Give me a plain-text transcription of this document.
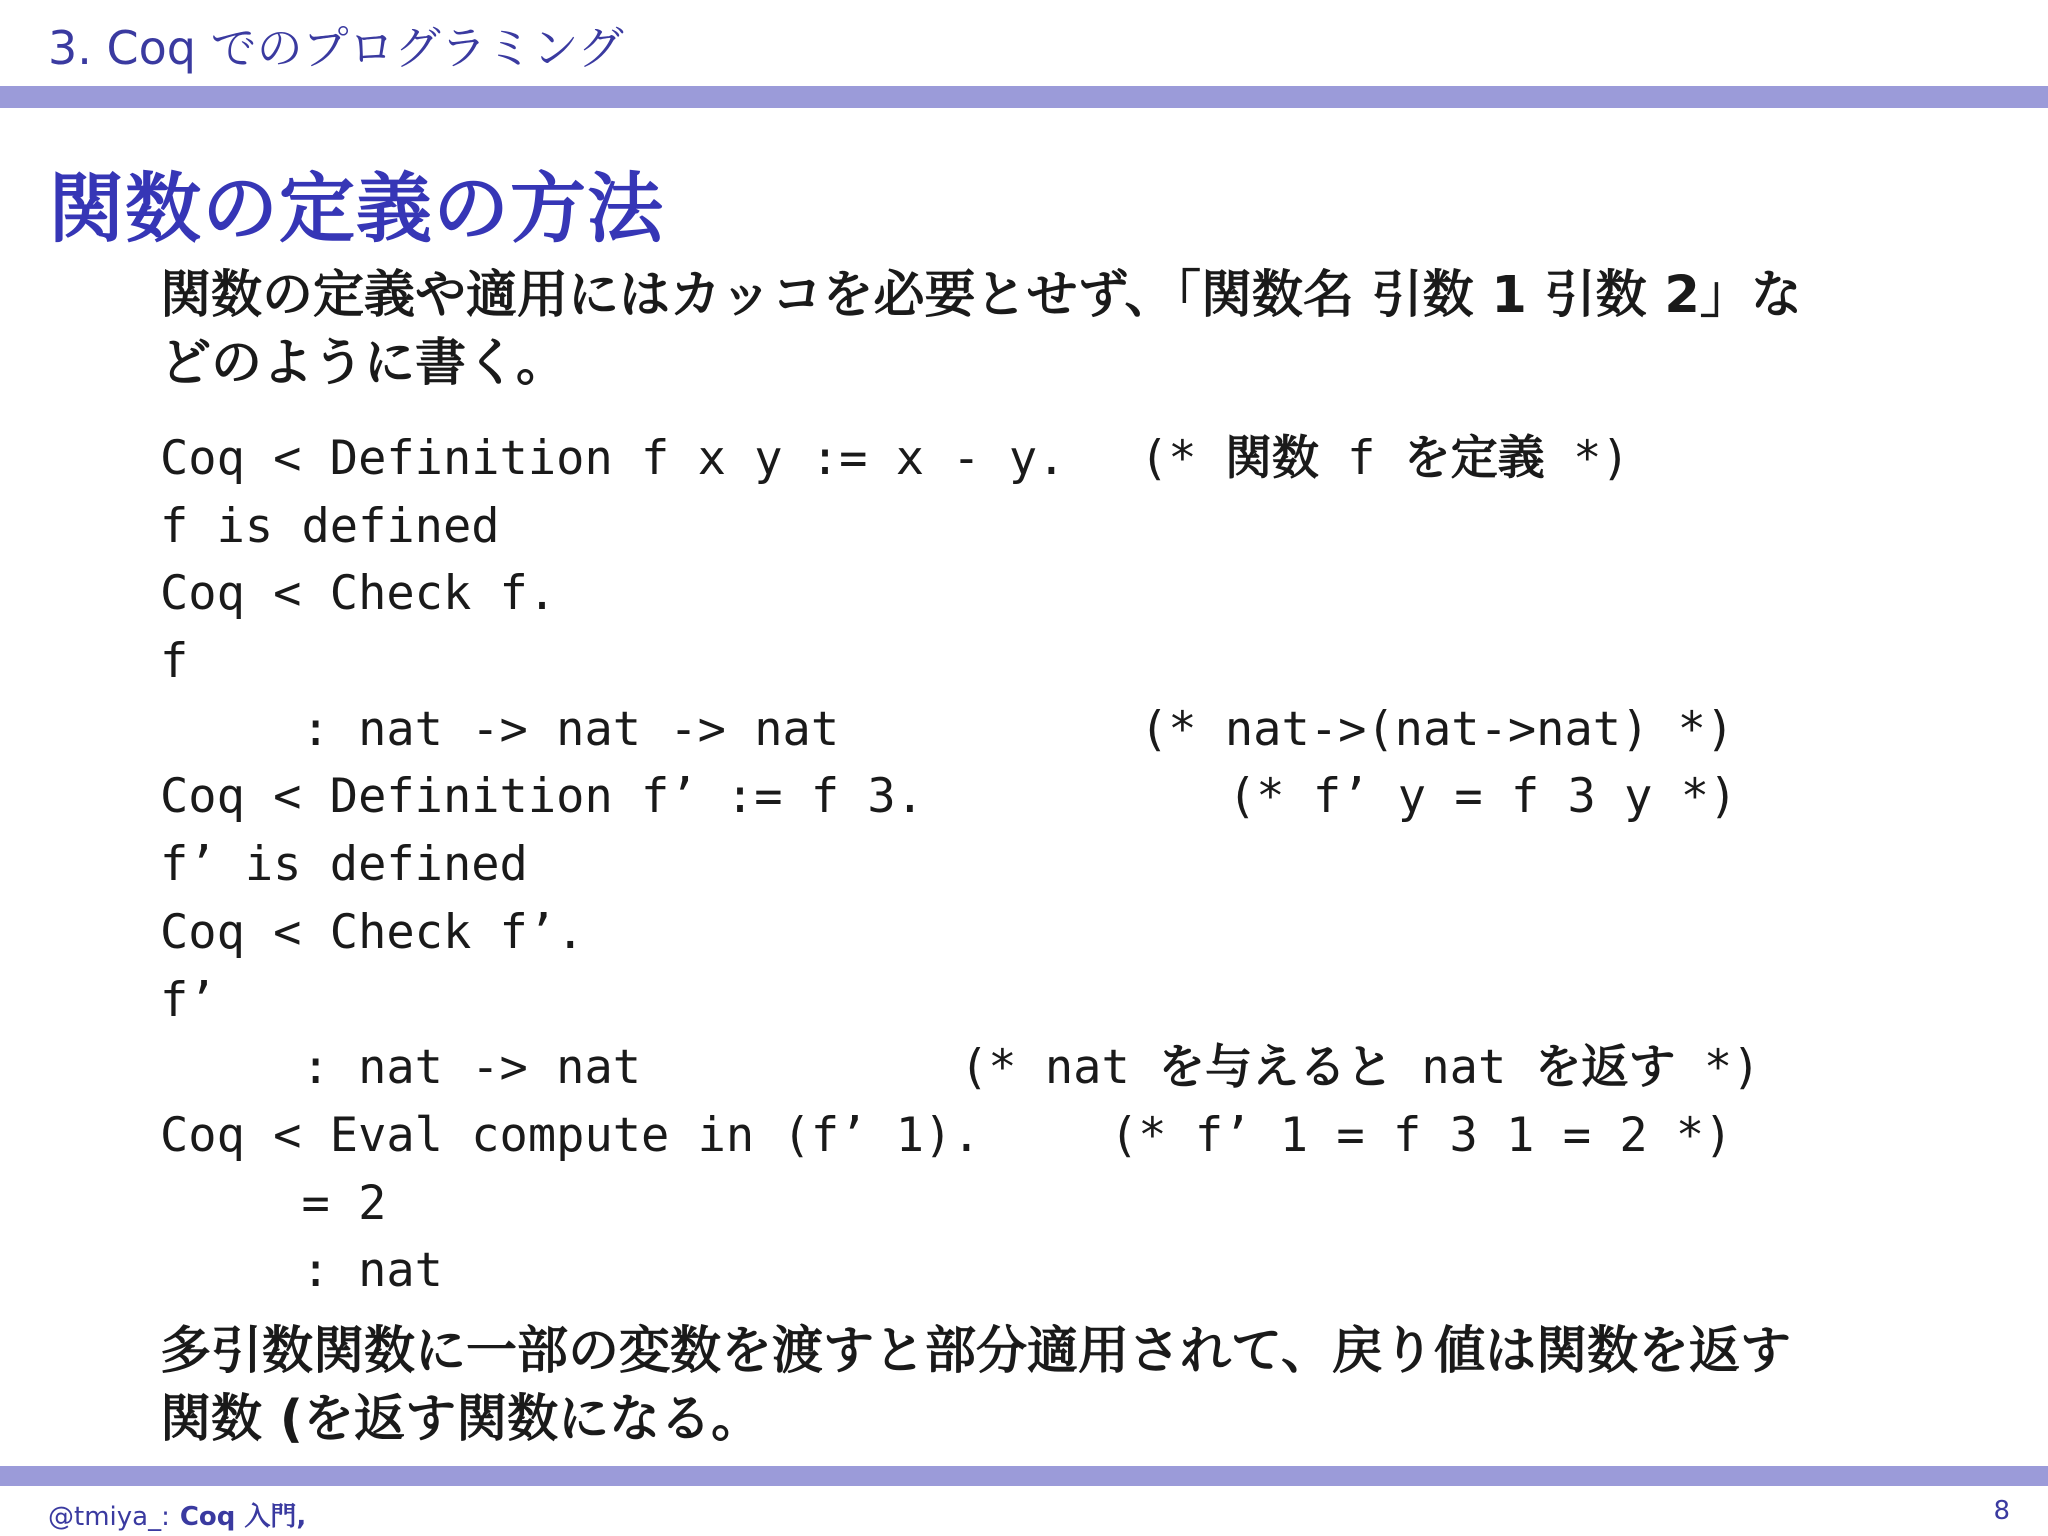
3. Coq でのプログラミング
関数の定義の方法
関数の定義や適用にはカッコを必要とせず、「関数名 引数 1 引数 2」な
どのように書く。

Coq < Definition f x y := x - y.

(* 関数 f を定義 *)

f is defined

Coq < Check f.

f

: nat -> nat -> nat

	(* nat->(nat->nat) *)

Coq < Definition f’ := f 3.

	(* f’ y = f 3 y *)

f’ is defined

Coq < Check f’.

f’

: nat -> nat

	(* nat を与えると nat を返す *)

Coq < Eval compute in (f’ 1).

	(* f’ 1 = f 3 1 = 2 *)

= 2

: nat

多引数関数に一部の変数を渡すと部分適用されて、戻り値は関数を返す
関数 (を返す関数になる。
@tmiya_: Coq 入門,	8
